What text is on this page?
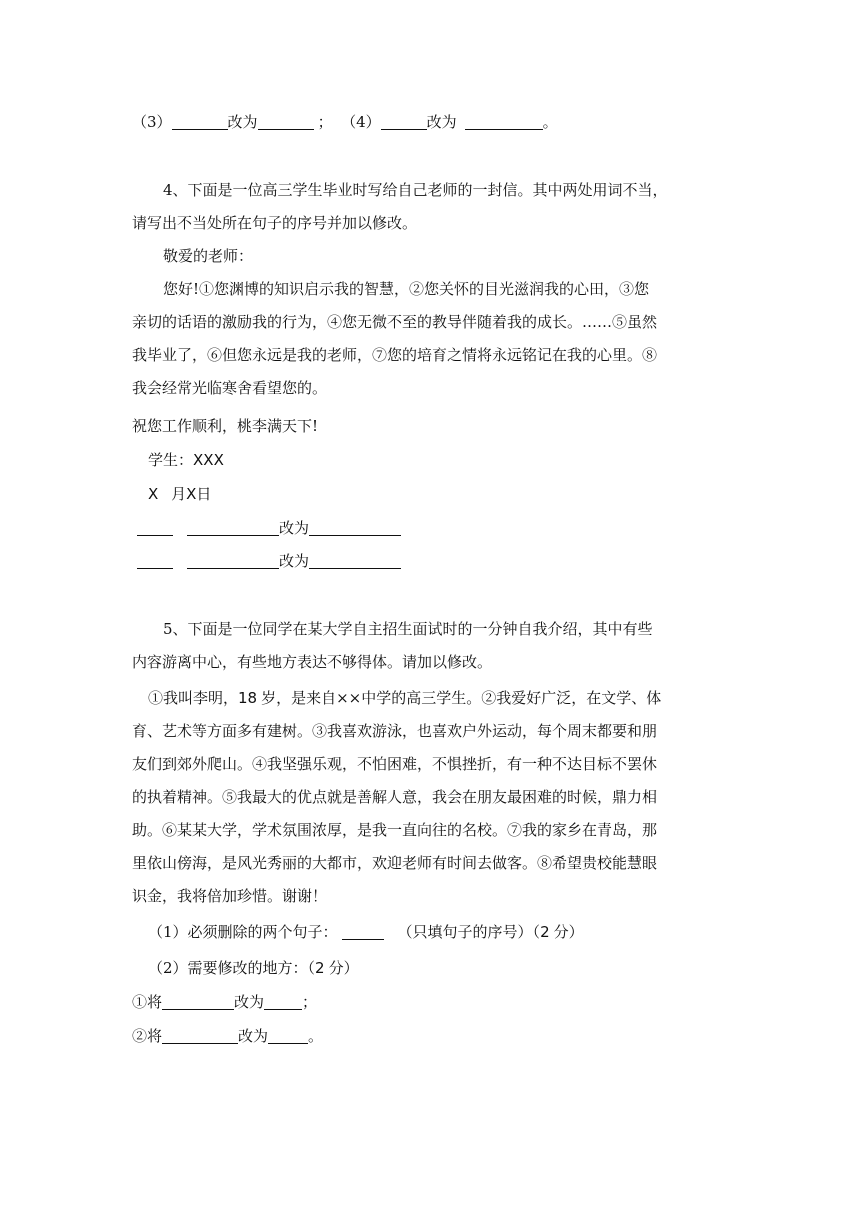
（3）	改为	； （4）	改为	。
4、下面是一位高三学生毕业时写给自己老师的一封信。其中两处用词不当，
请写出不当处所在句子的序号并加以修改。
敬爱的老师：
您好!①您渊博的知识启示我的智慧，②您关怀的目光滋润我的心田，③您
亲切的话语的激励我的行为，④您无微不至的教导伴随着我的成长。……⑤虽然
我毕业了，⑥但您永远是我的老师，⑦您的培育之情将永远铭记在我的心里。⑧
我会经常光临寒舍看望您的。
祝您工作顺利，桃李满天下!
学生：XXX
X 月X日
改为
改为
5、下面是一位同学在某大学自主招生面试时的一分钟自我介绍，其中有些
内容游离中心，有些地方表达不够得体。请加以修改。
①我叫李明，18 岁，是来自××中学的高三学生。②我爱好广泛，在文学、体
育、艺术等方面多有建树。③我喜欢游泳，也喜欢户外运动，每个周末都要和朋
友们到郊外爬山。④我坚强乐观，不怕困难，不惧挫折，有一种不达目标不罢休
的执着精神。⑤我最大的优点就是善解人意，我会在朋友最困难的时候，鼎力相
助。⑥某某大学，学术氛围浓厚，是我一直向往的名校。⑦我的家乡在青岛，那
里依山傍海，是风光秀丽的大都市，欢迎老师有时间去做客。⑧希望贵校能慧眼
识金，我将倍加珍惜。谢谢！
（1）必须删除的两个句子：	（只填句子的序号）（2 分）
（2）需要修改的地方：（2 分）
①将	改为	；
②将	改为	。
